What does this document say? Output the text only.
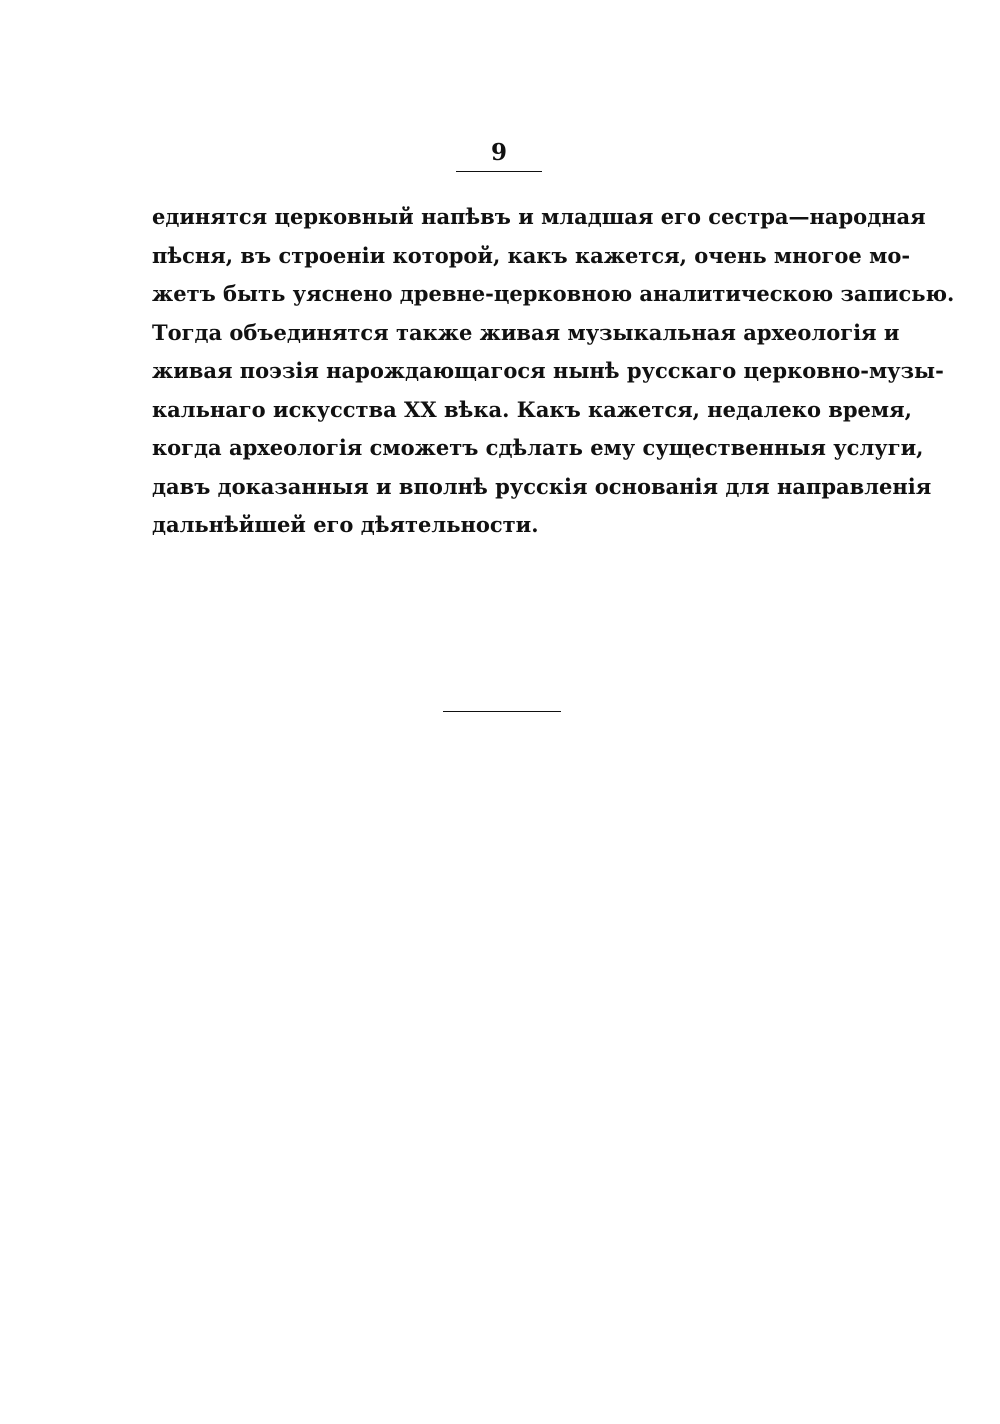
9
единятся церковный напѣвъ и младшая его сестра—народная
пѣсня, въ строеніи которой, какъ кажется, очень многое мо-
жетъ быть уяснено древне-церковною аналитическою записью.
Тогда объединятся также живая музыкальная археологія и
живая поэзія нарождающагося нынѣ русскаго церковно-музы-
кальнаго искусства XX вѣка. Какъ кажется, недалеко время,
когда археологія сможетъ сдѣлать ему существенныя услуги,
давъ доказанныя и вполнѣ русскія основанія для направленія
дальнѣйшей его дѣятельности.
